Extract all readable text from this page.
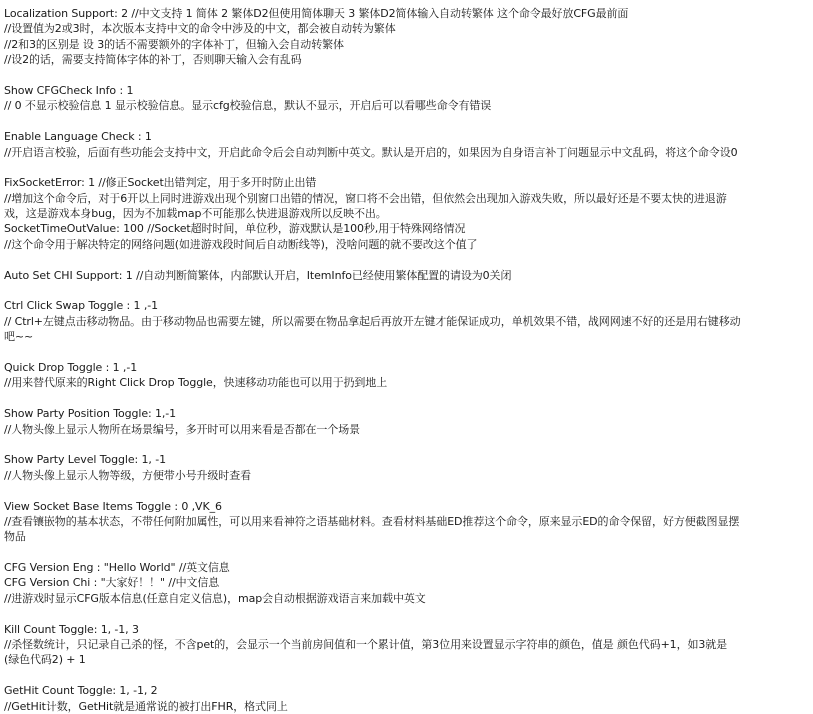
Localization Support: 2 //中文支持 1 简体 2 繁体D2但使用简体聊天 3 繁体D2简体输入自动转繁体 这个命令最好放CFG最前面
//设置值为2或3时，本次版本支持中文的命令中涉及的中文，都会被自动转为繁体
//2和3的区别是 设 3的话不需要额外的字体补丁，但输入会自动转繁体
//设2的话，需要支持简体字体的补丁，否则聊天输入会有乱码
Show CFGCheck Info : 1
// 0 不显示校验信息 1 显示校验信息。显示cfg校验信息，默认不显示，开启后可以看哪些命令有错误
Enable Language Check : 1
//开启语言校验，后面有些功能会支持中文，开启此命令后会自动判断中英文。默认是开启的，如果因为自身语言补丁问题显示中文乱码，将这个命令设0
FixSocketError: 1 //修正Socket出错判定，用于多开时防止出错
//增加这个命令后，对于6开以上同时进游戏出现个别窗口出错的情况，窗口将不会出错，但依然会出现加入游戏失败，所以最好还是不要太快的进退游
戏，这是游戏本身bug，因为不加载map不可能那么快进退游戏所以反映不出。
SocketTimeOutValue: 100 //Socket超时时间，单位秒，游戏默认是100秒,用于特殊网络情况
//这个命令用于解决特定的网络问题(如进游戏段时间后自动断线等)，没啥问题的就不要改这个值了
Auto Set CHI Support: 1 //自动判断简繁体，内部默认开启，ItemInfo已经使用繁体配置的请设为0关闭
Ctrl Click Swap Toggle : 1 ,-1
// Ctrl+左键点击移动物品。由于移动物品也需要左键，所以需要在物品拿起后再放开左键才能保证成功，单机效果不错，战网网速不好的还是用右键移动
吧~~
Quick Drop Toggle : 1 ,-1
//用来替代原来的Right Click Drop Toggle，快速移动功能也可以用于扔到地上
Show Party Position Toggle: 1,-1
//人物头像上显示人物所在场景编号，多开时可以用来看是否都在一个场景
Show Party Level Toggle: 1, -1
//人物头像上显示人物等级，方便带小号升级时查看
View Socket Base Items Toggle : 0 ,VK_6
//查看镶嵌物的基本状态，不带任何附加属性，可以用来看神符之语基础材料。查看材料基础ED推荐这个命令，原来显示ED的命令保留，好方便截图显摆
物品
CFG Version Eng : "Hello World" //英文信息
CFG Version Chi : "大家好！！" //中文信息
//进游戏时显示CFG版本信息(任意自定义信息)，map会自动根据游戏语言来加载中英文
Kill Count Toggle: 1, -1, 3
//杀怪数统计，只记录自己杀的怪，不含pet的，会显示一个当前房间值和一个累计值，第3位用来设置显示字符串的颜色，值是 颜色代码+1，如3就是
(绿色代码2) + 1
GetHit Count Toggle: 1, -1, 2
//GetHit计数，GetHit就是通常说的被打出FHR，格式同上
